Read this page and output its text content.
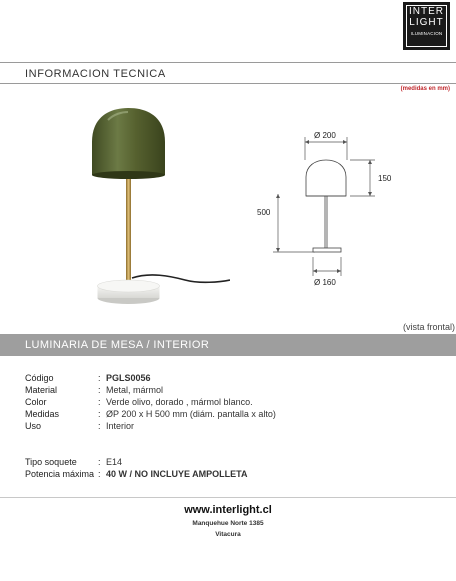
INTER
LIGHT
ILUMINACION
INFORMACION TECNICA
(medidas en mm)
Ø 200
150
500
Ø 160
(vista frontal)
LUMINARIA DE MESA / INTERIOR
Código	: PGLS0056
Material	: Metal, mármol
Color	: Verde olivo, dorado , mármol blanco.
Medidas	: ØP 200 x H 500 mm (diám. pantalla x alto)
Uso	: Interior
Tipo soquete : E14
Potencia máxima : 40 W / NO INCLUYE AMPOLLETA
www.interlight.cl
Manquehue Norte 1385
Vitacura
